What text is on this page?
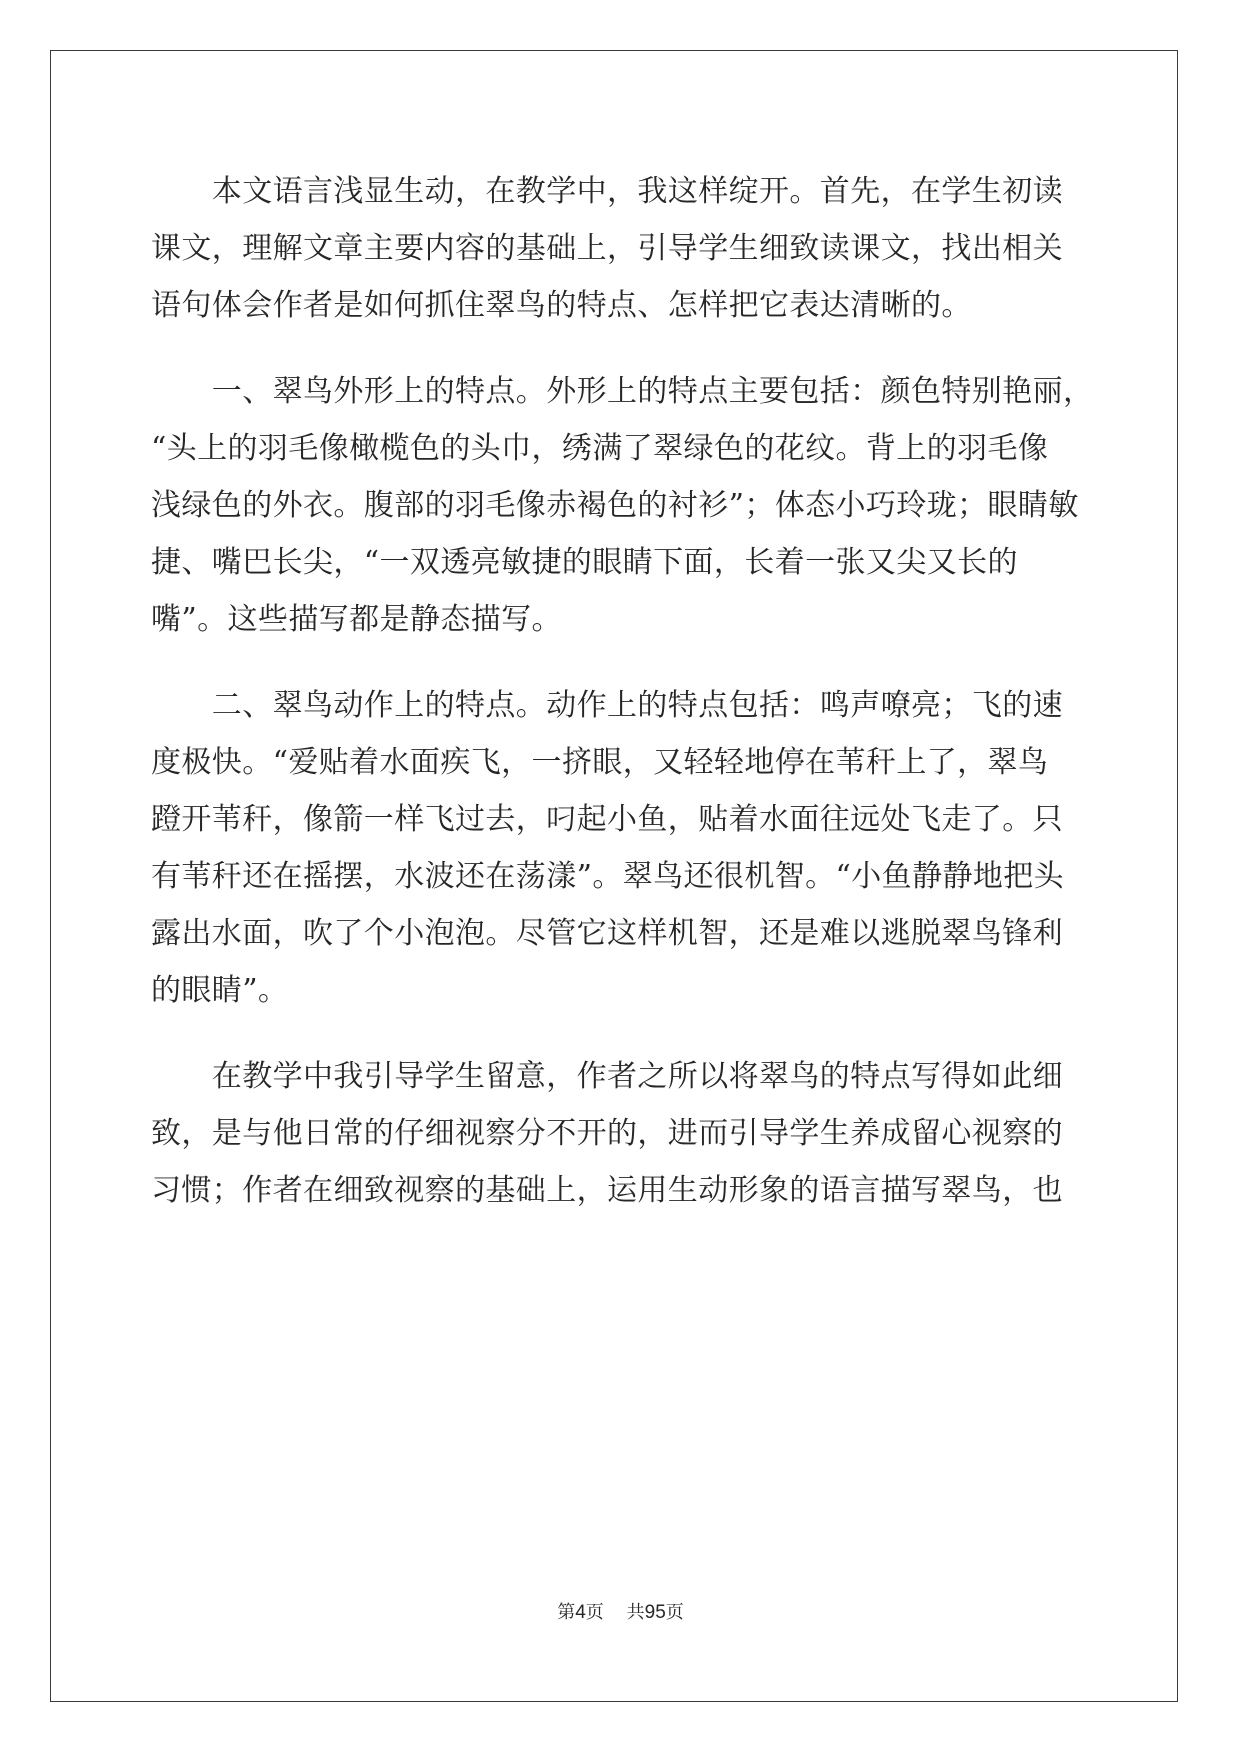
　　本文语言浅显生动，在教学中，我这样绽开。首先，在学生初读
课文，理解文章主要内容的基础上，引导学生细致读课文，找出相关
语句体会作者是如何抓住翠鸟的特点、怎样把它表达清晰的。
　　一、翠鸟外形上的特点。外形上的特点主要包括：颜色特别艳丽，
“头上的羽毛像橄榄色的头巾，绣满了翠绿色的花纹。背上的羽毛像
浅绿色的外衣。腹部的羽毛像赤褐色的衬衫”；体态小巧玲珑；眼睛敏
捷、嘴巴长尖，“一双透亮敏捷的眼睛下面，长着一张又尖又长的
嘴”。这些描写都是静态描写。
　　二、翠鸟动作上的特点。动作上的特点包括：鸣声嘹亮；飞的速
度极快。“爱贴着水面疾飞，一挤眼，又轻轻地停在苇秆上了，翠鸟
蹬开苇秆，像箭一样飞过去，叼起小鱼，贴着水面往远处飞走了。只
有苇秆还在摇摆，水波还在荡漾”。翠鸟还很机智。“小鱼静静地把头
露出水面，吹了个小泡泡。尽管它这样机智，还是难以逃脱翠鸟锋利
的眼睛”。
　　在教学中我引导学生留意，作者之所以将翠鸟的特点写得如此细
致，是与他日常的仔细视察分不开的，进而引导学生养成留心视察的
习惯；作者在细致视察的基础上，运用生动形象的语言描写翠鸟，也
第4页 共95页
